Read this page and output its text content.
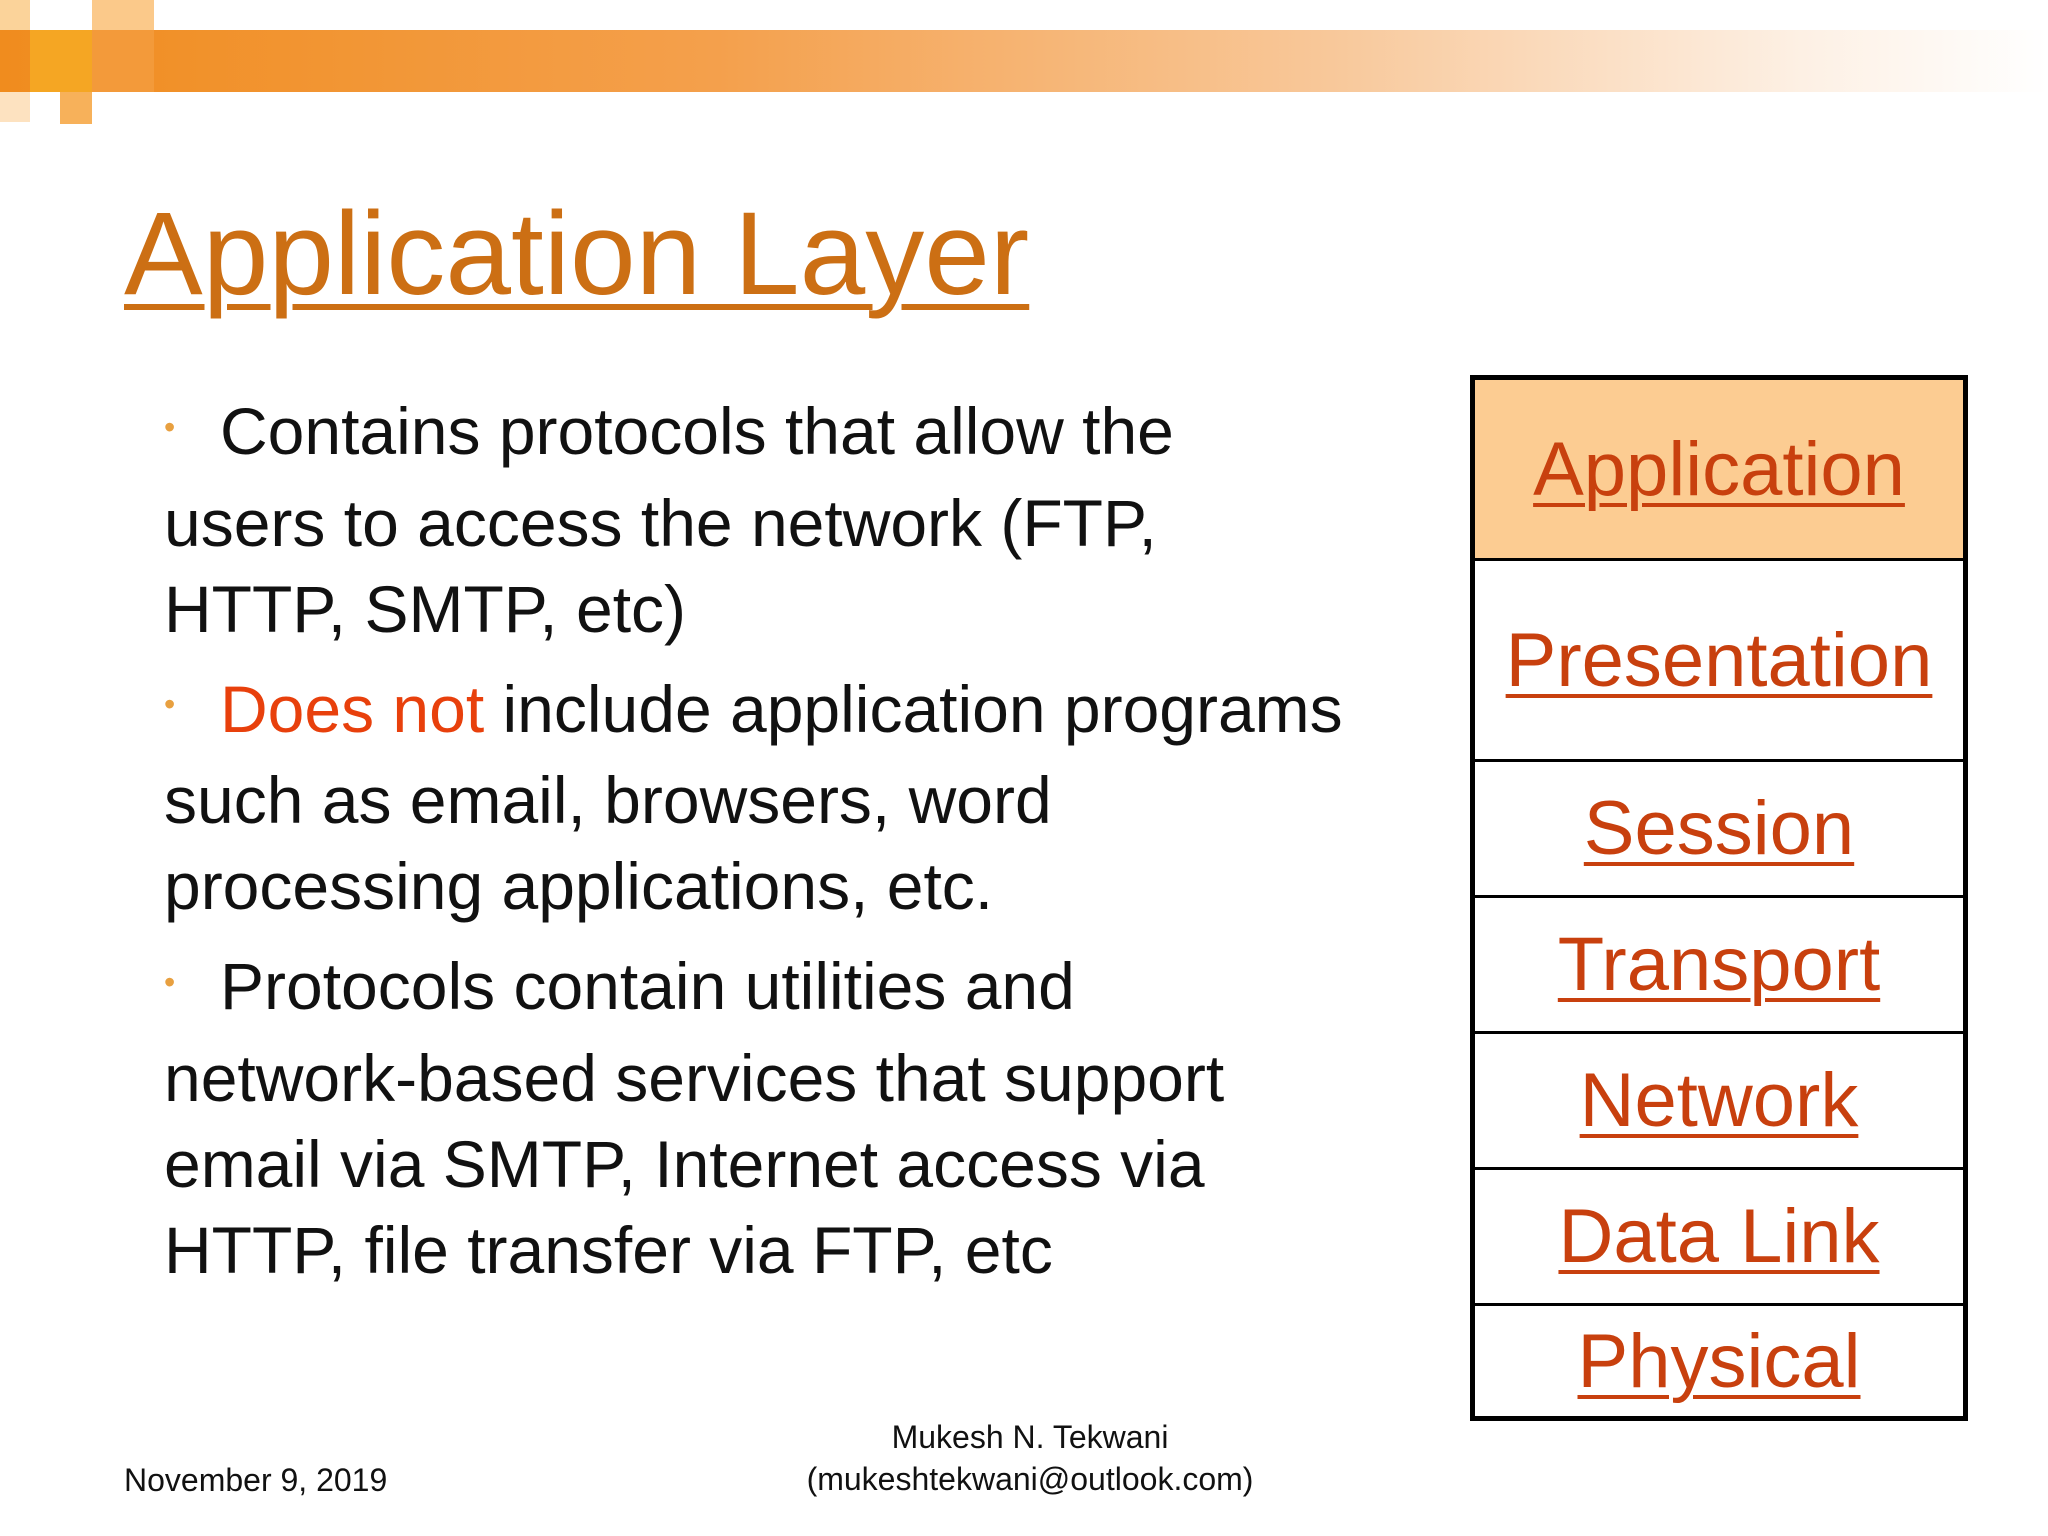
Application Layer
• Contains protocols that allow the users to access the network (FTP, HTTP, SMTP, etc)
• Does not include application programs such as email, browsers, word processing applications, etc.
• Protocols contain utilities and network-based services that support email via SMTP, Internet access via HTTP, file transfer via FTP, etc
Application
Presentation
Session
Transport
Network
Data Link
Physical
November 9, 2019
Mukesh N. Tekwani
(mukeshtekwani@outlook.com)
